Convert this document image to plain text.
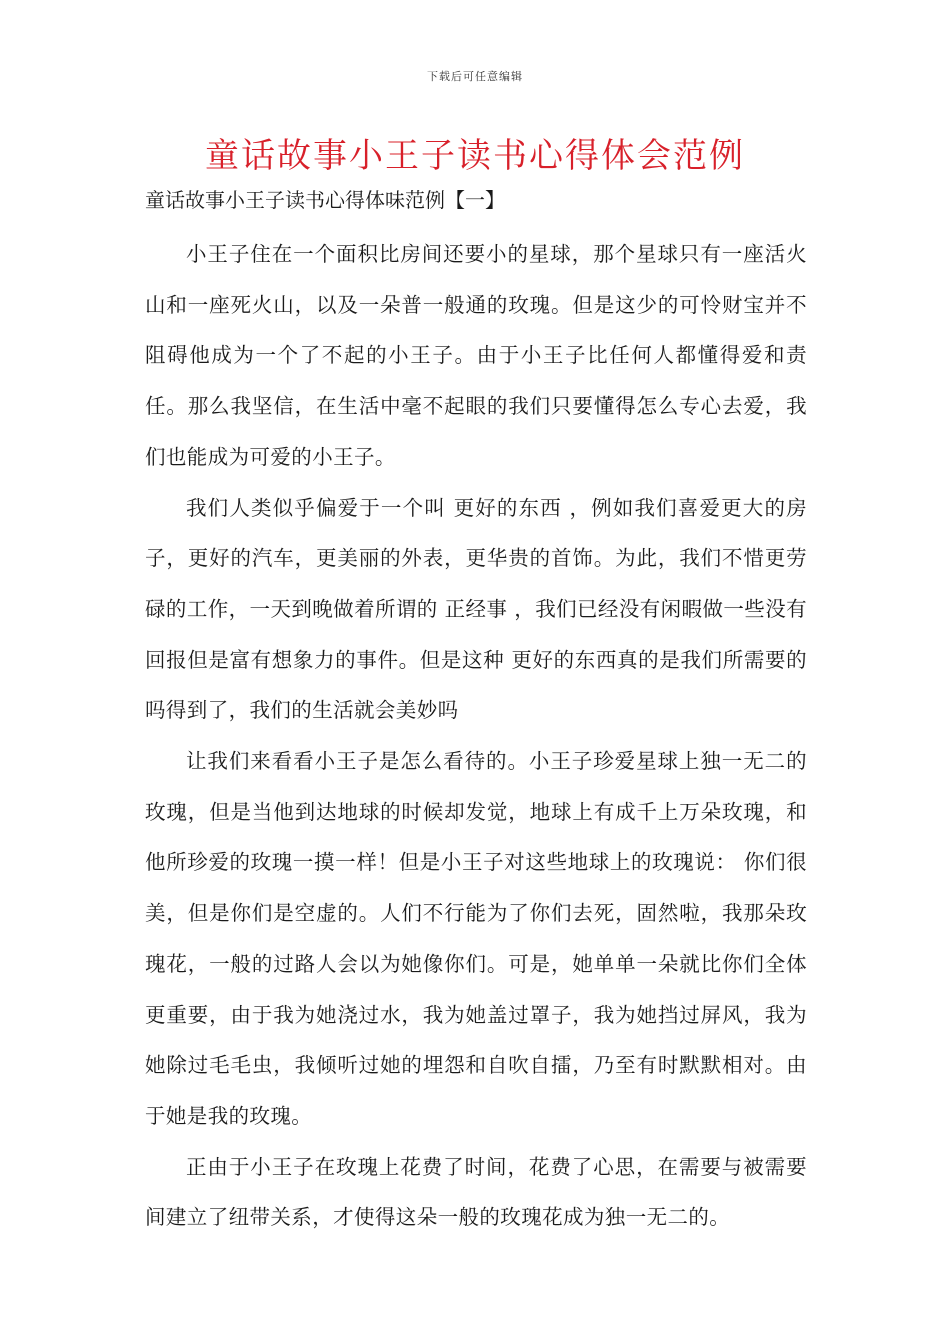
下载后可任意编辑
童话故事小王子读书心得体会范例
童话故事小王子读书心得体味范例【一】

小王子住在一个面积比房间还要小的星球，那个星球只有一座活火山和一座死火山，以及一朵普一般通的玫瑰。但是这少的可怜财宝并不阻碍他成为一个了不起的小王子。由于小王子比任何人都懂得爱和责任。那么我坚信，在生活中毫不起眼的我们只要懂得怎么专心去爱，我们也能成为可爱的小王子。

我们人类似乎偏爱于一个叫 更好的东西 ，例如我们喜爱更大的房子，更好的汽车，更美丽的外表，更华贵的首饰。为此，我们不惜更劳碌的工作，一天到晚做着所谓的 正经事 ，我们已经没有闲暇做一些没有回报但是富有想象力的事件。但是这种 更好的东西真的是我们所需要的吗得到了，我们的生活就会美妙吗

让我们来看看小王子是怎么看待的。小王子珍爱星球上独一无二的玫瑰，但是当他到达地球的时候却发觉，地球上有成千上万朵玫瑰，和他所珍爱的玫瑰一摸一样！但是小王子对这些地球上的玫瑰说： 你们很美，但是你们是空虚的。人们不行能为了你们去死，固然啦，我那朵玫瑰花，一般的过路人会以为她像你们。可是，她单单一朵就比你们全体更重要，由于我为她浇过水，我为她盖过罩子，我为她挡过屏风，我为她除过毛毛虫，我倾听过她的埋怨和自吹自擂，乃至有时默默相对。由于她是我的玫瑰。

正由于小王子在玫瑰上花费了时间，花费了心思，在需要与被需要间建立了纽带关系，才使得这朵一般的玫瑰花成为独一无二的。
